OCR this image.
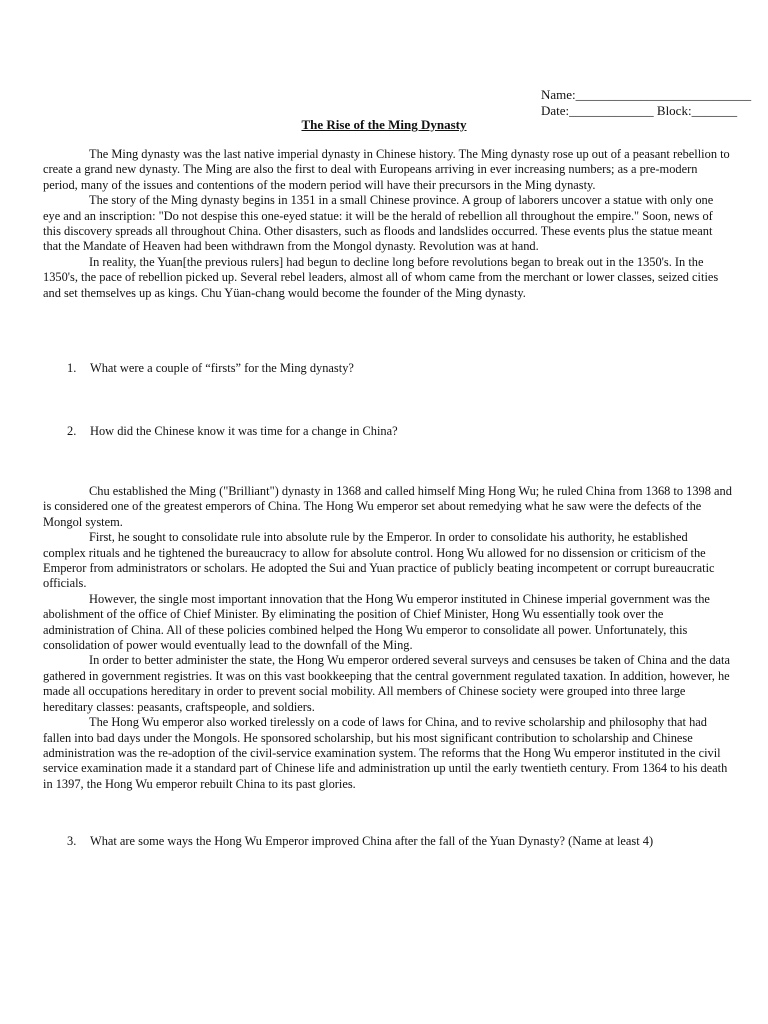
Name:___________________________
Date:_____________ Block:_______
The Rise of the Ming Dynasty

The Ming dynasty was the last native imperial dynasty in Chinese history. The Ming dynasty rose up out of a peasant rebellion to create a grand new dynasty. The Ming are also the first to deal with Europeans arriving in ever increasing numbers; as a pre-modern period, many of the issues and contentions of the modern period will have their precursors in the Ming dynasty.

The story of the Ming dynasty begins in 1351 in a small Chinese province. A group of laborers uncover a statue with only one eye and an inscription: "Do not despise this one-eyed statue: it will be the herald of rebellion all throughout the empire." Soon, news of this discovery spreads all throughout China. Other disasters, such as floods and landslides occurred. These events plus the statue meant that the Mandate of Heaven had been withdrawn from the Mongol dynasty. Revolution was at hand.

In reality, the Yuan[the previous rulers] had begun to decline long before revolutions began to break out in the 1350's. In the 1350's, the pace of rebellion picked up. Several rebel leaders, almost all of whom came from the merchant or lower classes, seized cities and set themselves up as kings. Chu Yüan-chang would become the founder of the Ming dynasty.

1. What were a couple of “firsts” for the Ming dynasty?
2. How did the Chinese know it was time for a change in China?

Chu established the Ming ("Brilliant") dynasty in 1368 and called himself Ming Hong Wu; he ruled China from 1368 to 1398 and is considered one of the greatest emperors of China. The Hong Wu emperor set about remedying what he saw were the defects of the Mongol system.

First, he sought to consolidate rule into absolute rule by the Emperor. In order to consolidate his authority, he established complex rituals and he tightened the bureaucracy to allow for absolute control. Hong Wu allowed for no dissension or criticism of the Emperor from administrators or scholars. He adopted the Sui and Yuan practice of publicly beating incompetent or corrupt bureaucratic officials.

However, the single most important innovation that the Hong Wu emperor instituted in Chinese imperial government was the abolishment of the office of Chief Minister. By eliminating the position of Chief Minister, Hong Wu essentially took over the administration of China. All of these policies combined helped the Hong Wu emperor to consolidate all power. Unfortunately, this consolidation of power would eventually lead to the downfall of the Ming.

In order to better administer the state, the Hong Wu emperor ordered several surveys and censuses be taken of China and the data gathered in government registries. It was on this vast bookkeeping that the central government regulated taxation. In addition, however, he made all occupations hereditary in order to prevent social mobility. All members of Chinese society were grouped into three large hereditary classes: peasants, craftspeople, and soldiers.

The Hong Wu emperor also worked tirelessly on a code of laws for China, and to revive scholarship and philosophy that had fallen into bad days under the Mongols. He sponsored scholarship, but his most significant contribution to scholarship and Chinese administration was the re-adoption of the civil-service examination system. The reforms that the Hong Wu emperor instituted in the civil service examination made it a standard part of Chinese life and administration up until the early twentieth century. From 1364 to his death in 1397, the Hong Wu emperor rebuilt China to its past glories.

3. What are some ways the Hong Wu Emperor improved China after the fall of the Yuan Dynasty? (Name at least 4)
